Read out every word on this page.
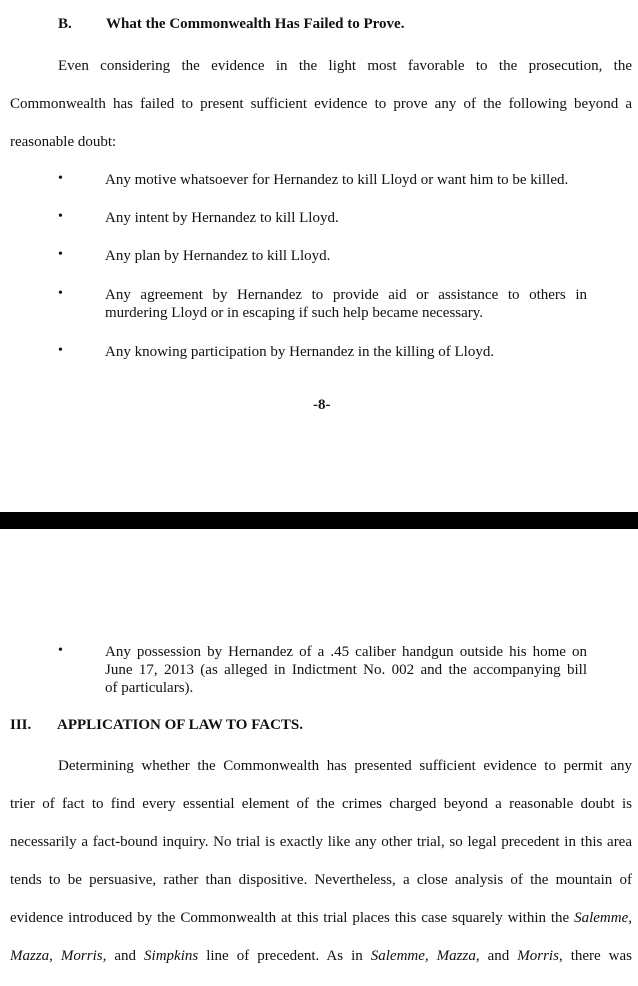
B. What the Commonwealth Has Failed to Prove.
Even considering the evidence in the light most favorable to the prosecution, the
Commonwealth has failed to present sufficient evidence to prove any of the following beyond a
reasonable doubt:
•	Any motive whatsoever for Hernandez to kill Lloyd or want him to be killed.
•	Any intent by Hernandez to kill Lloyd.
•	Any plan by Hernandez to kill Lloyd.
•	Any agreement by Hernandez to provide aid or assistance to others in
murdering Lloyd or in escaping if such help became necessary.
•	Any knowing participation by Hernandez in the killing of Lloyd.
-8-
•	Any possession by Hernandez of a .45 caliber handgun outside his home on
June 17, 2013 (as alleged in Indictment No. 002 and the accompanying bill
of particulars).
III. APPLICATION OF LAW TO FACTS.
Determining whether the Commonwealth has presented sufficient evidence to permit any
trier of fact to find every essential element of the crimes charged beyond a reasonable doubt is
necessarily a fact-bound inquiry. No trial is exactly like any other trial, so legal precedent in this area
tends to be persuasive, rather than dispositive. Nevertheless, a close analysis of the mountain of
evidence introduced by the Commonwealth at this trial places this case squarely within the Salemme,
Mazza, Morris, and Simpkins line of precedent. As in Salemme, Mazza, and Morris, there was
